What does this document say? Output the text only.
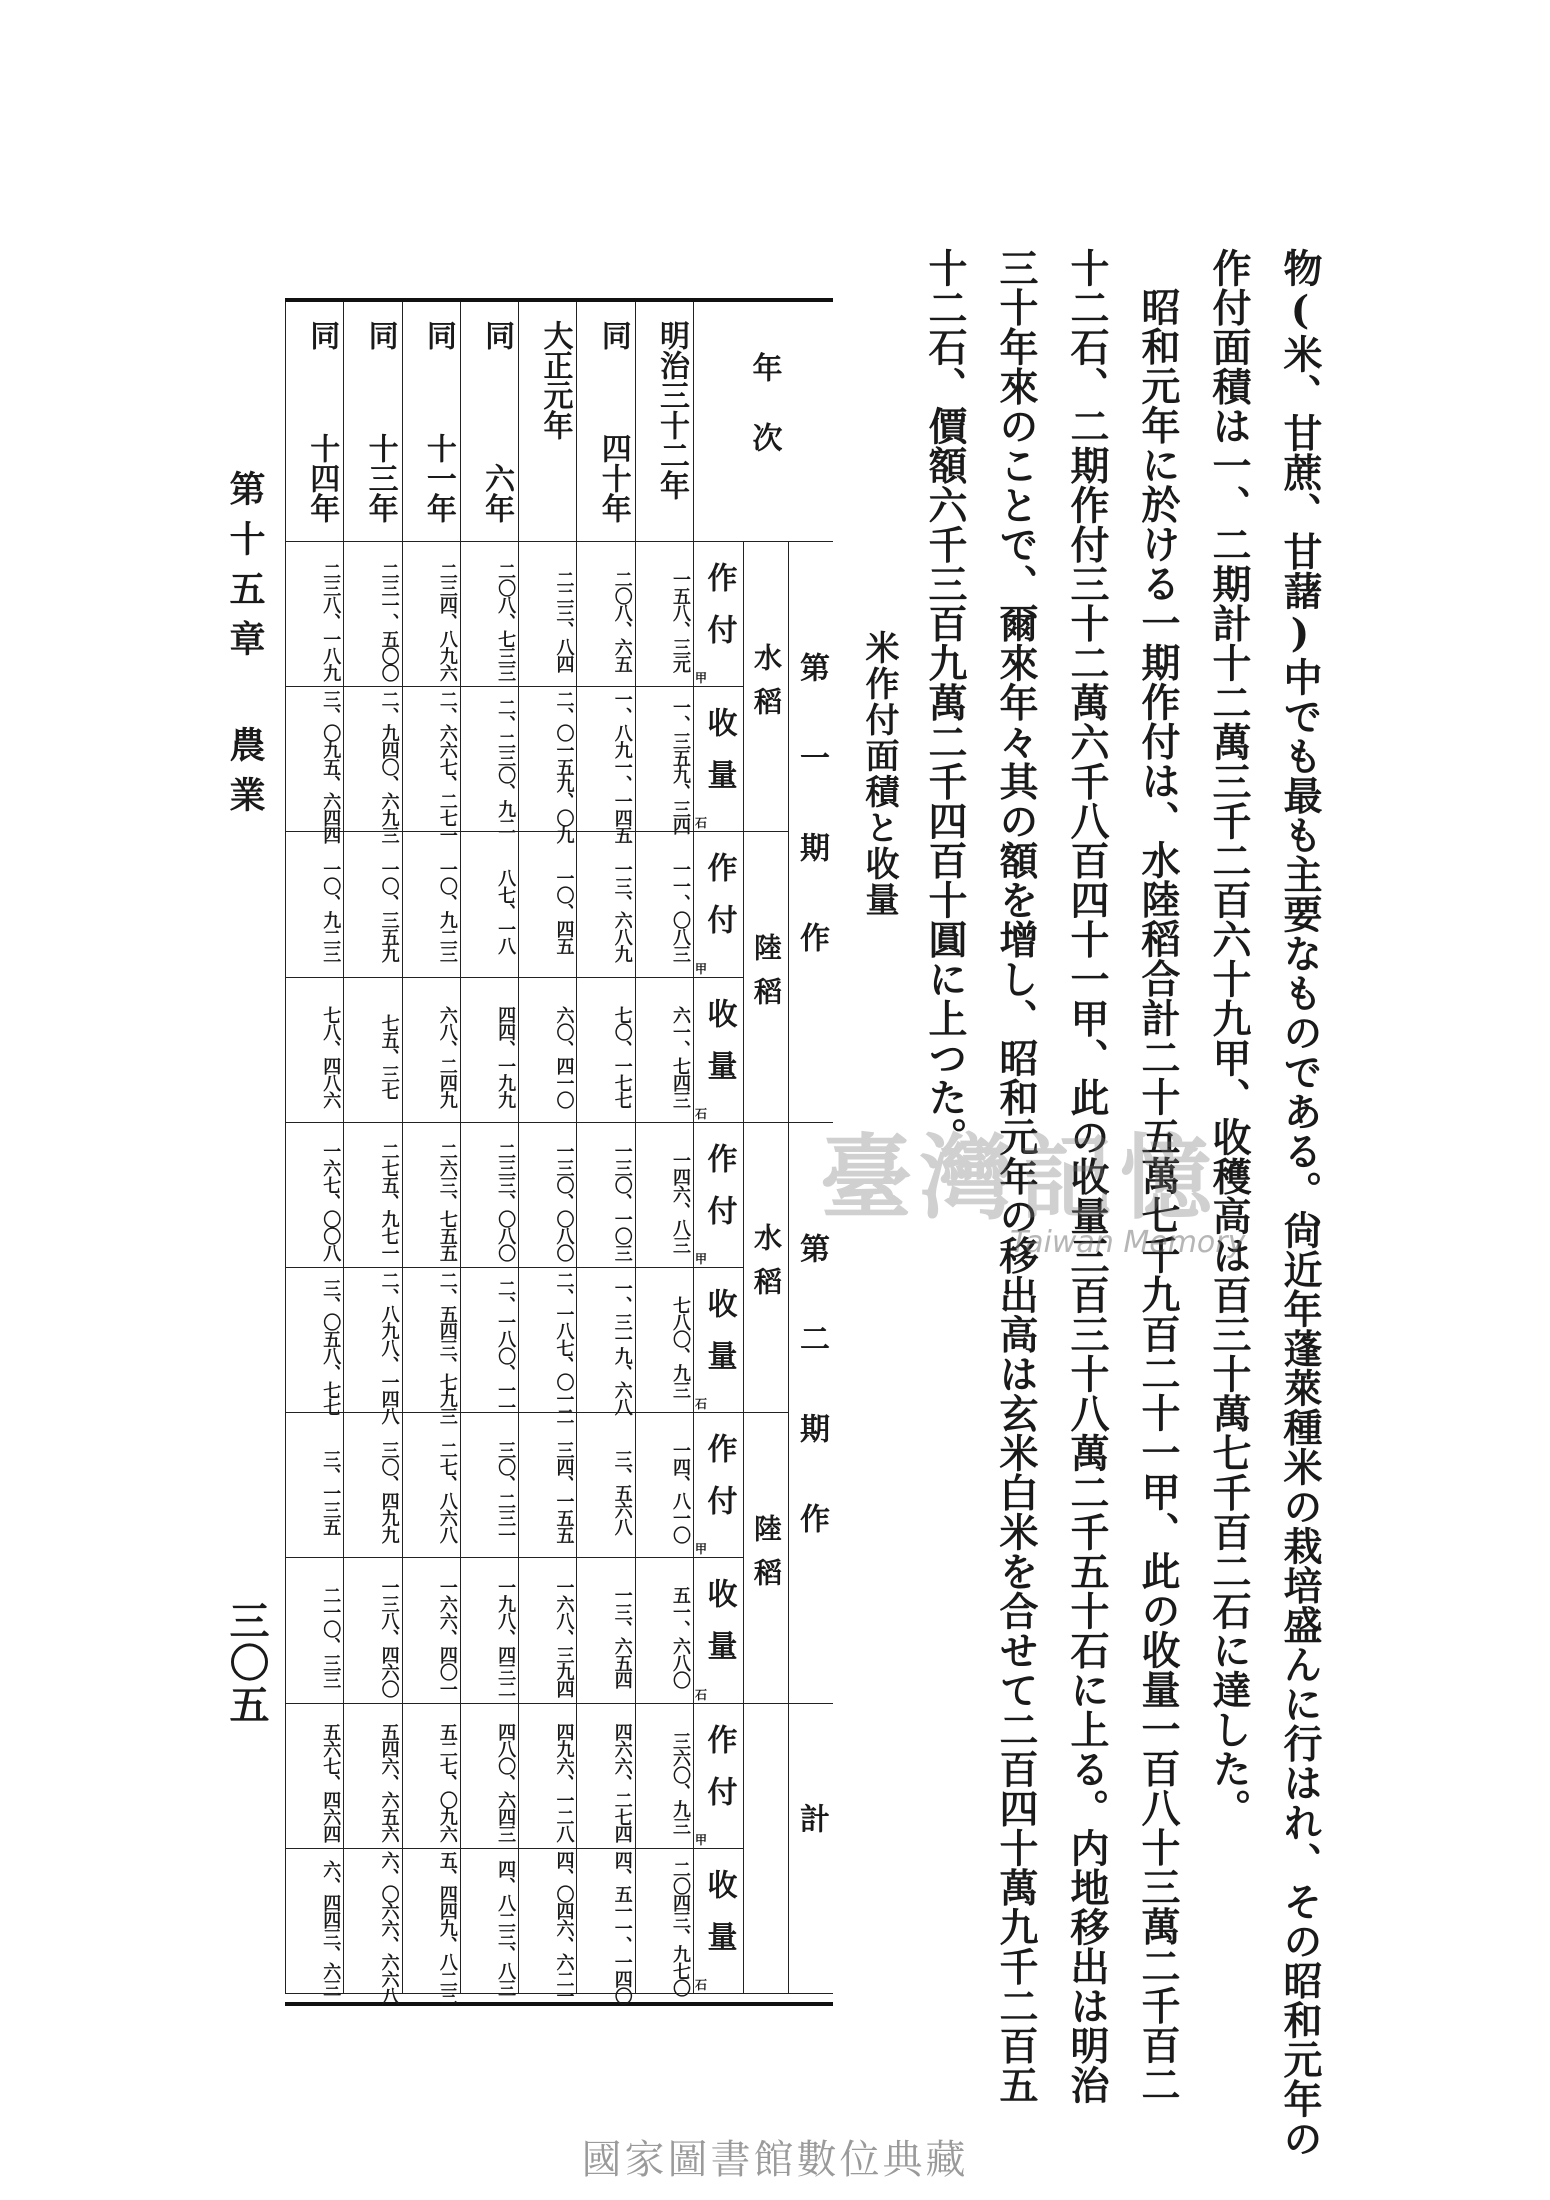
物(米、甘蔗、甘藷)中でも最も主要なものである。尙近年蓬萊種米の栽培盛んに行はれ、その昭和元年の

作付面積は一、二期計十二萬三千二百六十九甲、收穫高は百三十萬七千百二石に達した。

昭和元年に於ける一期作付は、水陸稻合計二十五萬七千九百二十一甲、此の收量一百八十三萬二千百二

十二石、二期作付三十二萬六千八百四十一甲、此の收量三百三十八萬二千五十石に上る。内地移出は明治

三十年來のことで、爾來年々其の額を增し、昭和元年の移出高は玄米白米を合せて二百四十萬九千二百五

十二石、價額六千三百九萬二千四百十圓に上つた。

米作付面積と收量
年次
第一期作
水稻
陸稻
第二期作
水稻
陸稻
計
作付
收量
作付
收量
作付
收量
作付
收量
作付
收量
明治三十二年
一五八、三元
甲
一、三五九、三四 石
一一、〇八三
甲
六一、七四三
石
一四六、八三
甲
七八〇、九三
石
一四、八一〇
甲
五一、六八〇
石
三六〇、九三
甲
二〇四三、九七〇 石
同
四十年
二〇八、六五
一、八九一、一四五
一三、六八九
七〇、一七七
一三〇、一〇三
一、三一九、六八
三、五六八
一三、六五四
四六六、二七四
四、五一一、一四〇
大正元年
二二三、八四
二、〇一五九、〇九
一〇、四五
六〇、四一〇
一三〇、〇八〇
二、一八七、〇一二
三四、一五五
一六八、三九四
四九六、一二八
四、〇四六、六二一
同
六年
二〇八、七三三
二、二三〇、九二
八七、一八
四四、一九九
二三三、〇八〇
二、一八〇、一一
三〇、二三一
一九八、四三二
四八〇、六四三
四、八二三、八三
同
十一年
二三四、八九六
二、六六七、二七一
一〇、九二三
六八、二四九
二六三、七五五
二、五四三、七九三
二七、八六八
一六六、四〇一
五二七、〇九六
五、四四九、八二三
同
十三年
二三一、五〇〇
二、九四〇、六九三
一〇、三五九
七五、三七
二七五、九七一
二、八九八、一四八
三〇、四九九
一三八、四六〇
五四六、六五六
六、〇六六、六六八
同
十四年
二三八、一八九
三、〇九五、六四四
一〇、九二三
七八、四八六
一六七、〇〇八
三、〇五八、七七
三、一三五
二一〇、三三
五六七、四六四
六、四四三、六三
第十五章 農業
三〇五
臺灣記憶
Taiwan Memory
國家圖書館數位典藏
